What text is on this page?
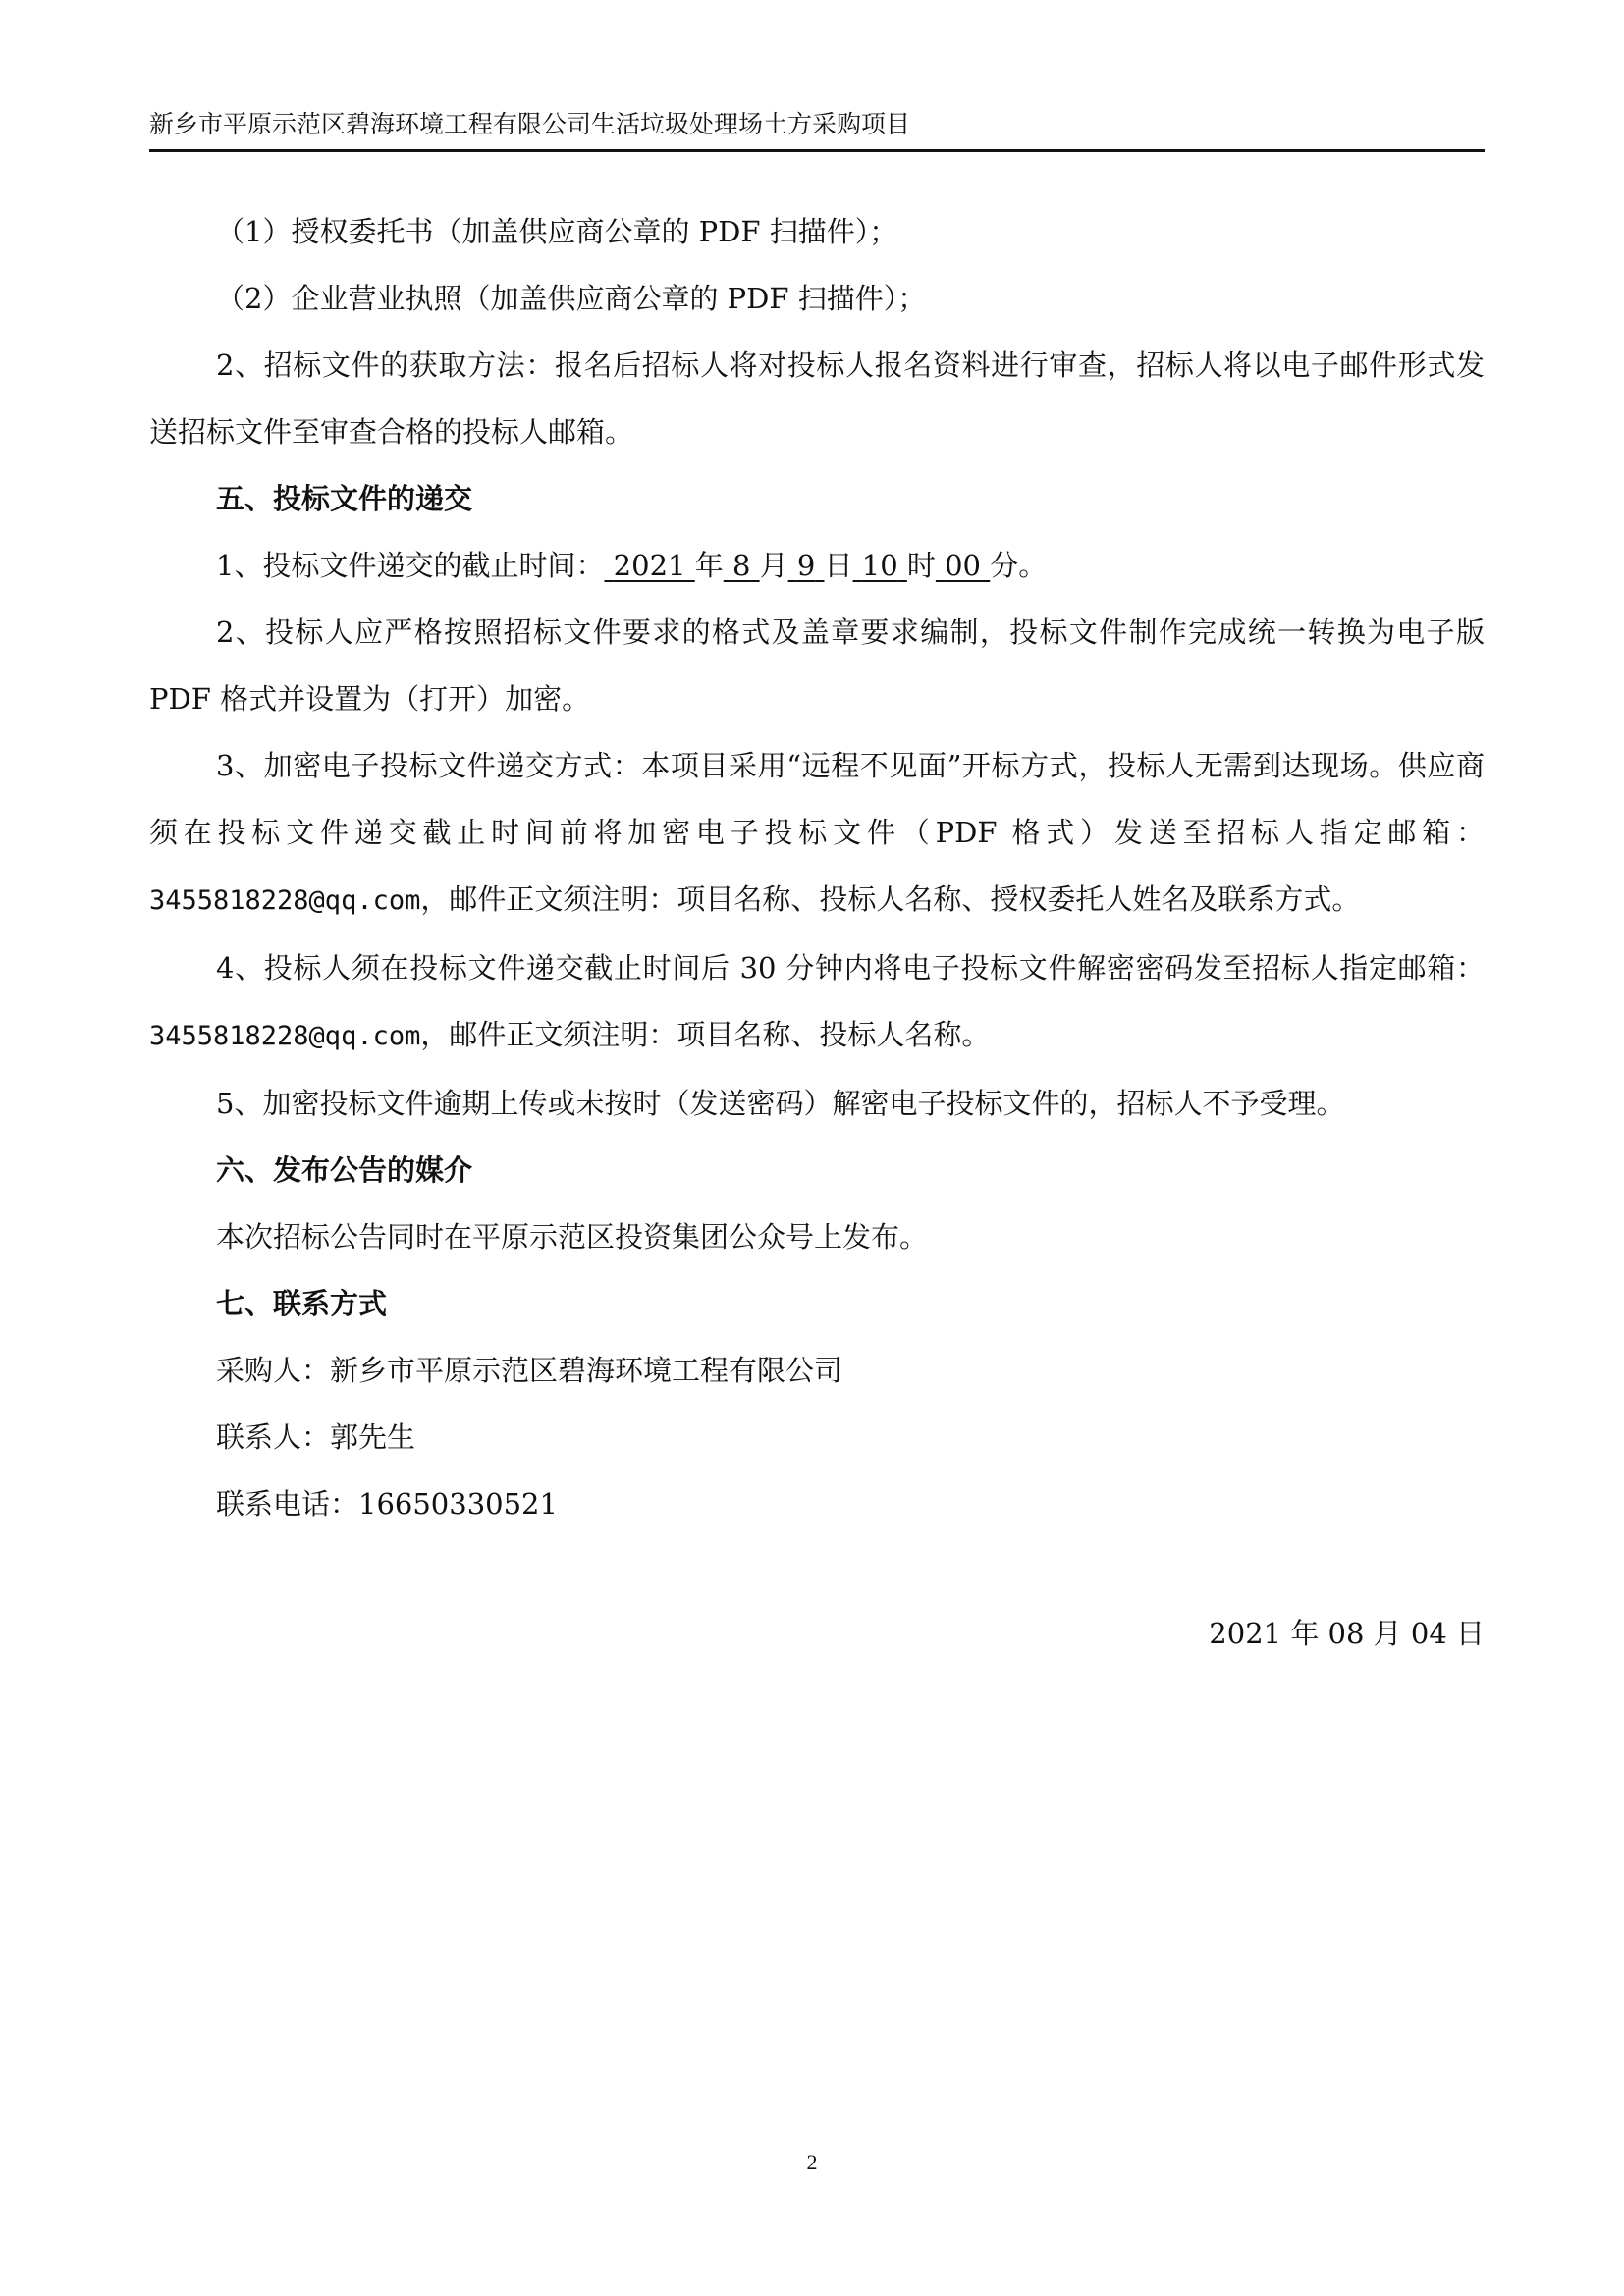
新乡市平原示范区碧海环境工程有限公司生活垃圾处理场土方采购项目

（1）授权委托书（加盖供应商公章的 PDF 扫描件）；

（2）企业营业执照（加盖供应商公章的 PDF 扫描件）；

2、招标文件的获取方法：报名后招标人将对投标人报名资料进行审查，招标人将以电子邮件形式发送招标文件至审查合格的投标人邮箱。

五、投标文件的递交

1、投标文件递交的截止时间： 2021 年 8 月 9 日 10 时 00 分。

2、投标人应严格按照招标文件要求的格式及盖章要求编制，投标文件制作完成统一转换为电子版 PDF 格式并设置为（打开）加密。

3、加密电子投标文件递交方式：本项目采用“远程不见面”开标方式，投标人无需到达现场。供应商须在投标文件递交截止时间前将加密电子投标文件（PDF 格式）发送至招标人指定邮箱：3455818228@qq.com，邮件正文须注明：项目名称、投标人名称、授权委托人姓名及联系方式。

4、投标人须在投标文件递交截止时间后 30 分钟内将电子投标文件解密密码发至招标人指定邮箱：3455818228@qq.com，邮件正文须注明：项目名称、投标人名称。

5、加密投标文件逾期上传或未按时（发送密码）解密电子投标文件的，招标人不予受理。

六、发布公告的媒介

本次招标公告同时在平原示范区投资集团公众号上发布。

七、联系方式

采购人：新乡市平原示范区碧海环境工程有限公司

联系人：郭先生

联系电话：16650330521

2021 年 08 月 04 日
2
